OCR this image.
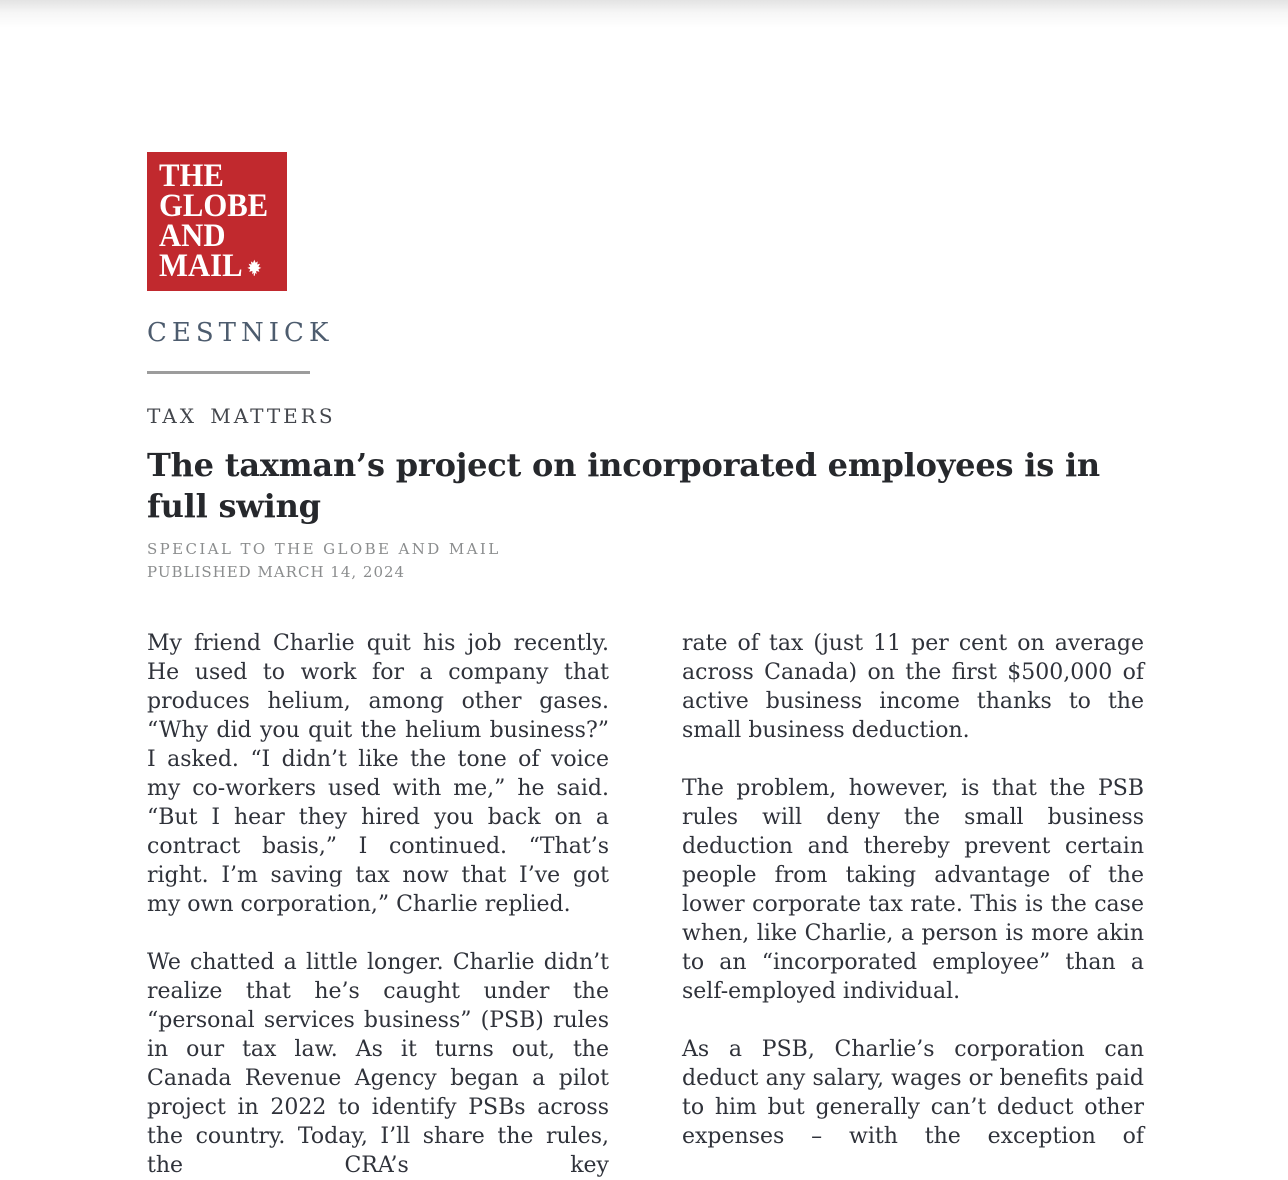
THE
GLOBE
AND
MAIL
CESTNICK
TAX MATTERS
The taxman’s project on incorporated employees is in
full swing
SPECIAL TO THE GLOBE AND MAIL
PUBLISHED MARCH 14, 2024

My friend Charlie quit his job recently. He used to work for a company that produces helium, among other gases. “Why did you quit the helium business?” I asked. “I didn’t like the tone of voice my co-workers used with me,” he said. “But I hear they hired you back on a contract basis,” I continued. “That’s right. I’m saving tax now that I’ve got my own corporation,” Charlie replied.

We chatted a little longer. Charlie didn’t realize that he’s caught under the “personal services business” (PSB) rules in our tax law. As it turns out, the Canada Revenue Agency began a pilot project in 2022 to identify PSBs across the country. Today, I’ll share the rules, the CRA’s key

rate of tax (just 11 per cent on average across Canada) on the first $500,000 of active business income thanks to the small business deduction.

The problem, however, is that the PSB rules will deny the small business deduction and thereby prevent certain people from taking advantage of the lower corporate tax rate. This is the case when, like Charlie, a person is more akin to an “incorporated employee” than a self-employed individual.

As a PSB, Charlie’s corporation can deduct any salary, wages or benefits paid to him but generally can’t deduct other expenses – with the exception of
